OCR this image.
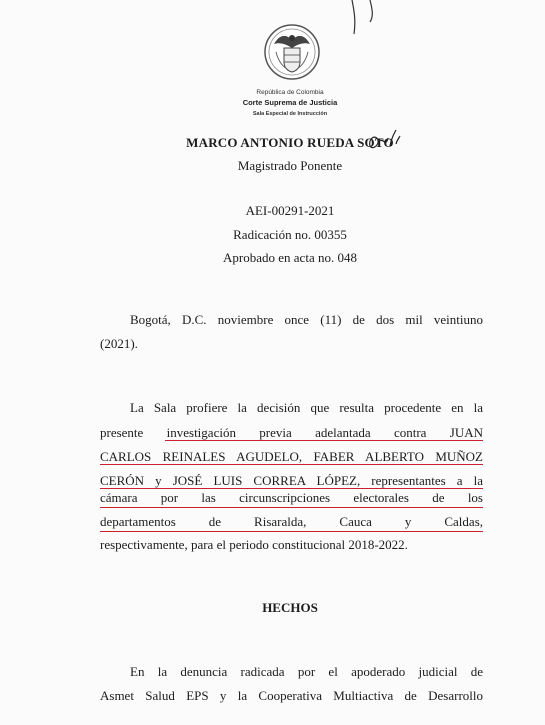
República de Colombia
Corte Suprema de Justicia
Sala Especial de Instrucción
MARCO ANTONIO RUEDA SOTO
Magistrado Ponente
AEI-00291-2021
Radicación no. 00355
Aprobado en acta no. 048
Bogotá, D.C. noviembre once (11) de dos mil veintiuno
(2021).
La Sala profiere la decisión que resulta procedente en la
presente investigación previa adelantada contra JUAN
CARLOS REINALES AGUDELO, FABER ALBERTO MUÑOZ
CERÓN y JOSÉ LUIS CORREA LÓPEZ, representantes a la
cámara por las circunscripciones electorales de los
departamentos de Risaralda, Cauca y Caldas,
respectivamente, para el periodo constitucional 2018-2022.
HECHOS
En la denuncia radicada por el apoderado judicial de
Asmet Salud EPS y la Cooperativa Multiactiva de Desarrollo
